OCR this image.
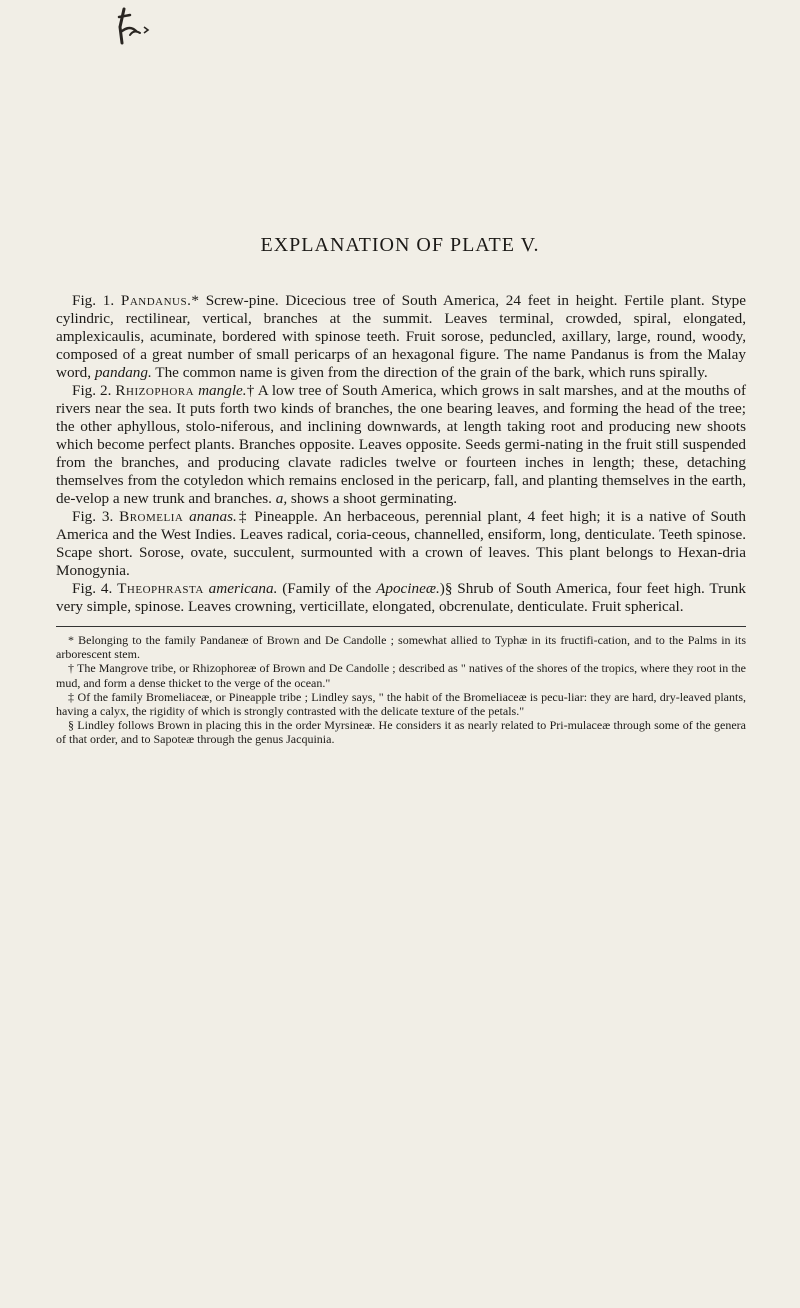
EXPLANATION OF PLATE V.

Fig. 1. Pandanus.* Screw-pine. Dicecious tree of South America, 24 feet in height. Fertile plant. Stype cylindric, rectilinear, vertical, branches at the summit. Leaves terminal, crowded, spiral, elongated, amplexicaulis, acuminate, bordered with spinose teeth. Fruit sorose, peduncled, axillary, large, round, woody, composed of a great number of small pericarps of an hexagonal figure. The name Pandanus is from the Malay word, pandang. The common name is given from the direction of the grain of the bark, which runs spirally.

Fig. 2. Rhizophora mangle.† A low tree of South America, which grows in salt marshes, and at the mouths of rivers near the sea. It puts forth two kinds of branches, the one bearing leaves, and forming the head of the tree; the other aphyllous, stolo-niferous, and inclining downwards, at length taking root and producing new shoots which become perfect plants. Branches opposite. Leaves opposite. Seeds germi-nating in the fruit still suspended from the branches, and producing clavate radicles twelve or fourteen inches in length; these, detaching themselves from the cotyledon which remains enclosed in the pericarp, fall, and planting themselves in the earth, de-velop a new trunk and branches. a, shows a shoot germinating.

Fig. 3. Bromelia ananas.‡ Pineapple. An herbaceous, perennial plant, 4 feet high; it is a native of South America and the West Indies. Leaves radical, coria-ceous, channelled, ensiform, long, denticulate. Teeth spinose. Scape short. Sorose, ovate, succulent, surmounted with a crown of leaves. This plant belongs to Hexan-dria Monogynia.

Fig. 4. Theophrasta americana. (Family of the Apocineæ.)§ Shrub of South America, four feet high. Trunk very simple, spinose. Leaves crowning, verticillate, elongated, obcrenulate, denticulate. Fruit spherical.

* Belonging to the family Pandaneæ of Brown and De Candolle ; somewhat allied to Typhæ in its fructifi-cation, and to the Palms in its arborescent stem.

† The Mangrove tribe, or Rhizophoreæ of Brown and De Candolle ; described as " natives of the shores of the tropics, where they root in the mud, and form a dense thicket to the verge of the ocean."

‡ Of the family Bromeliaceæ, or Pineapple tribe ; Lindley says, " the habit of the Bromeliaceæ is pecu-liar: they are hard, dry-leaved plants, having a calyx, the rigidity of which is strongly contrasted with the delicate texture of the petals."

§ Lindley follows Brown in placing this in the order Myrsineæ. He considers it as nearly related to Pri-mulaceæ through some of the genera of that order, and to Sapoteæ through the genus Jacquinia.
